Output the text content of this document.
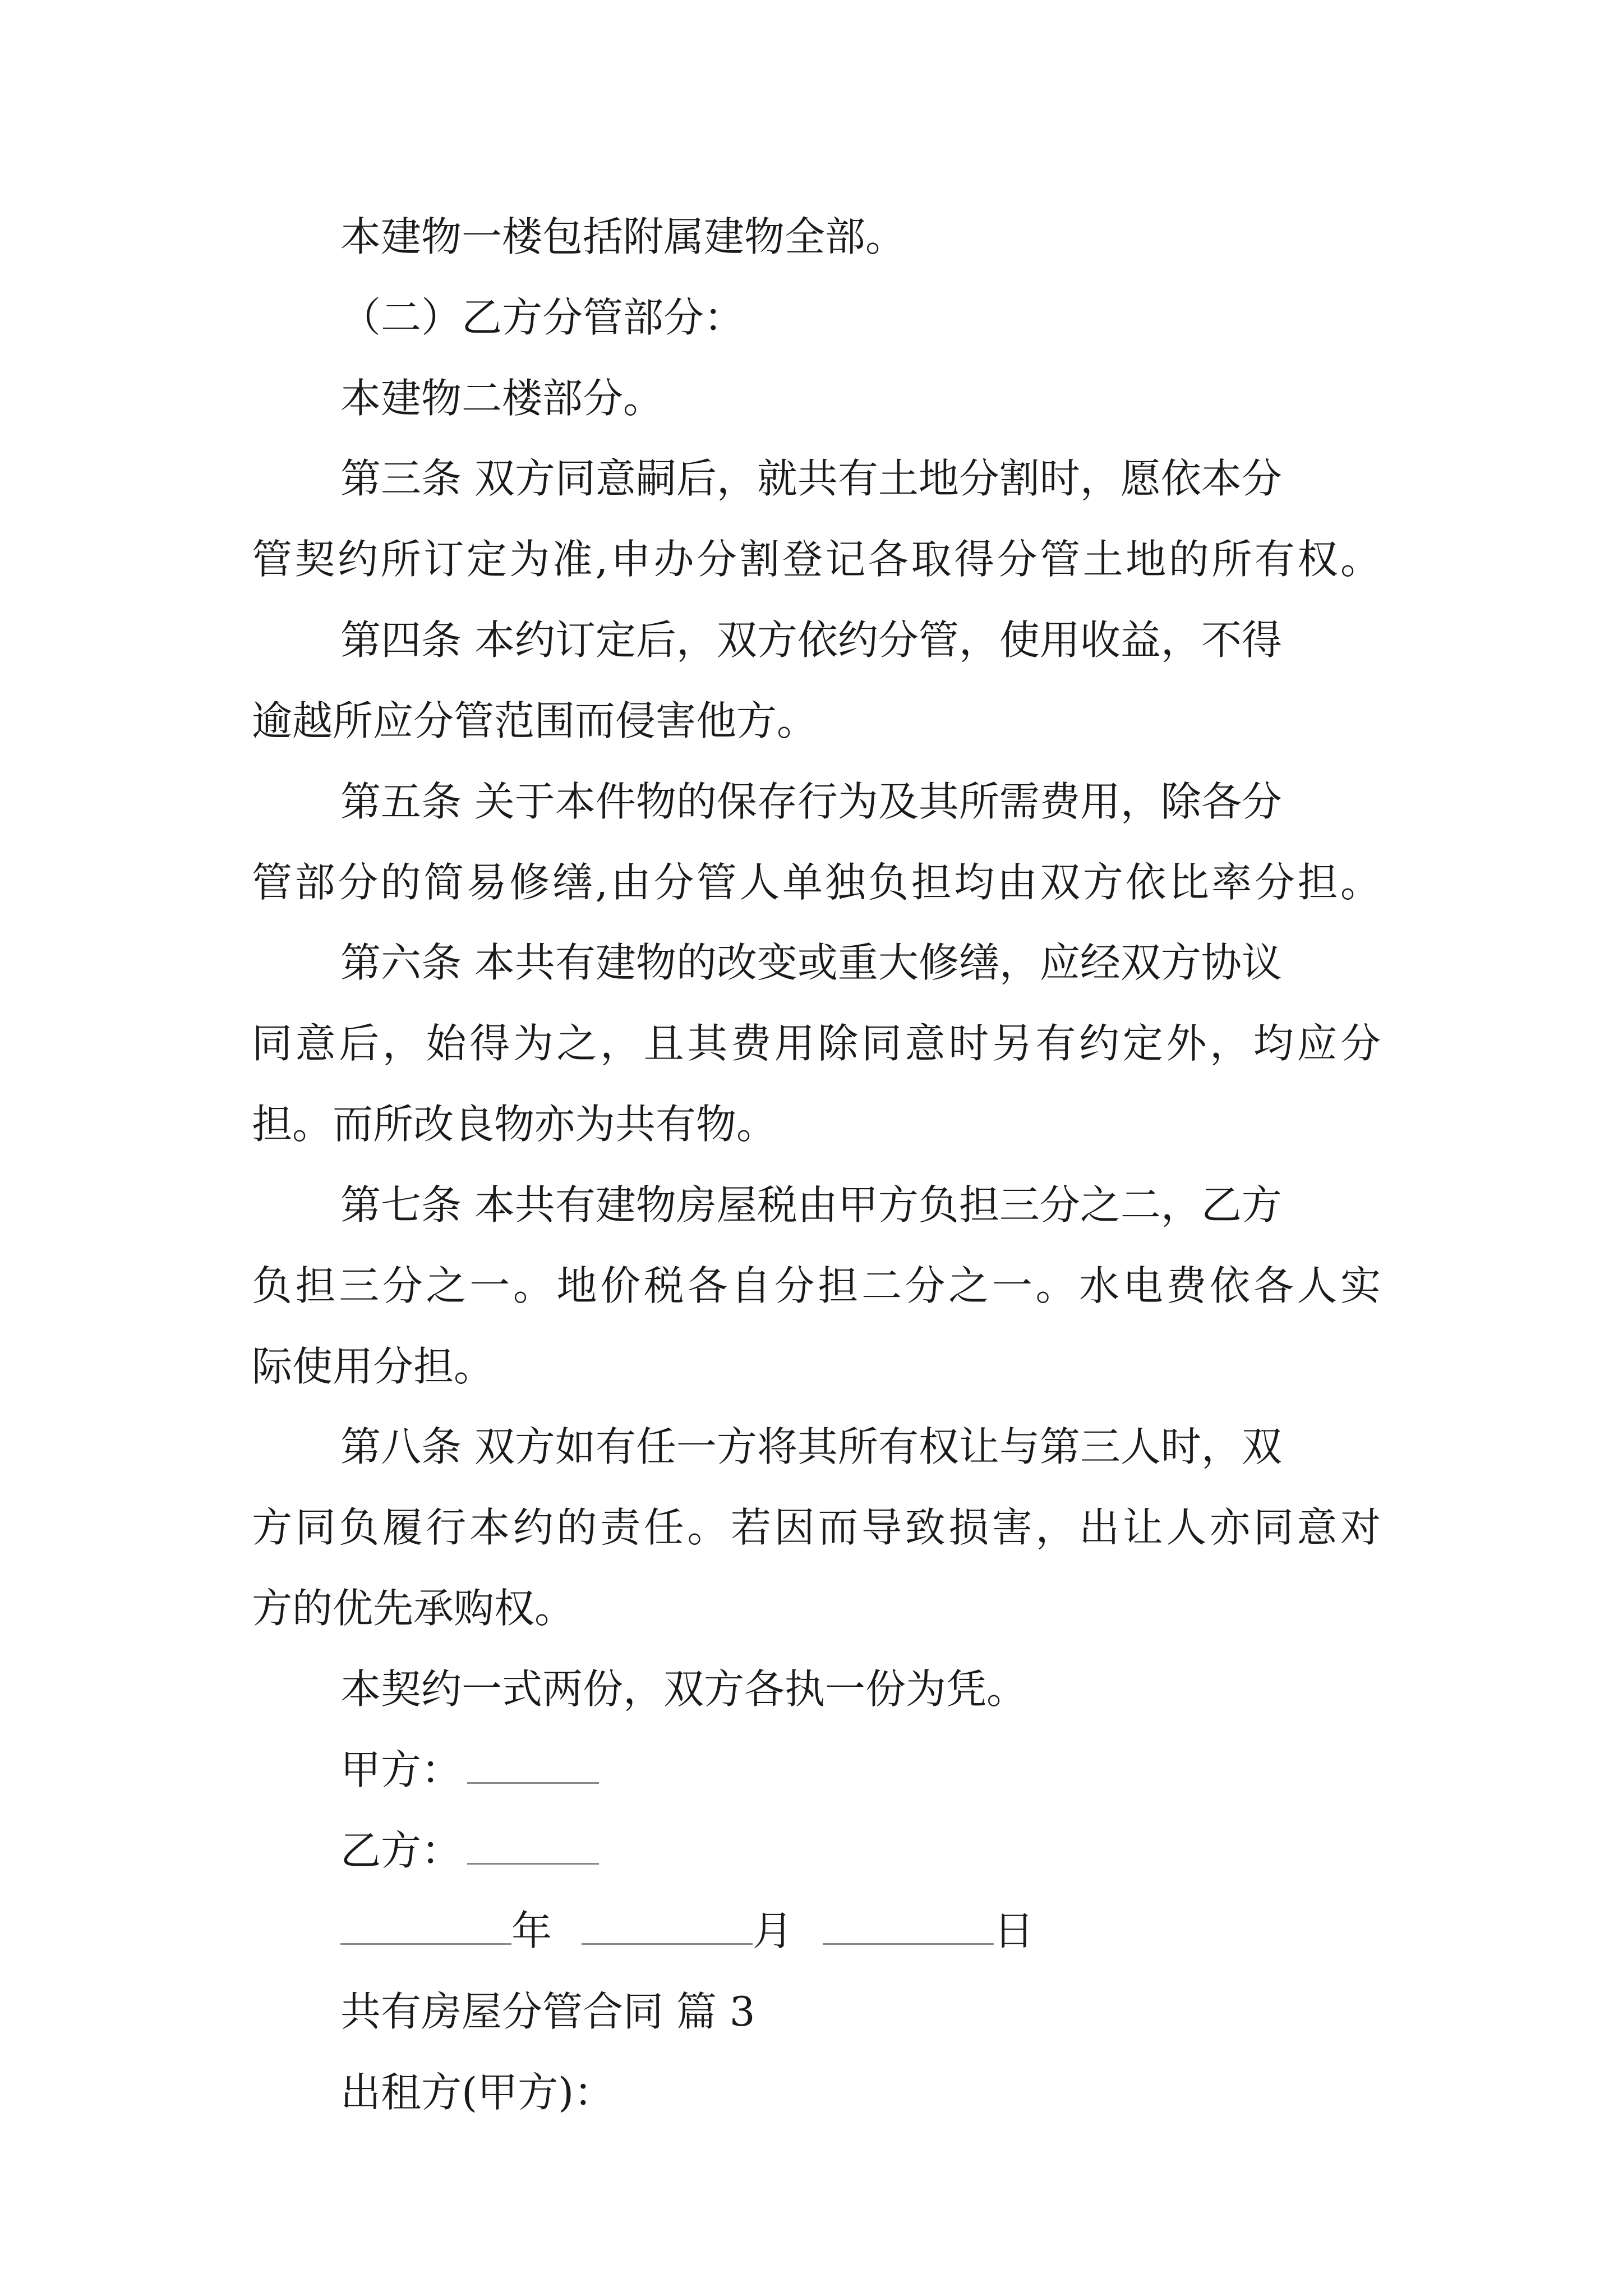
本建物一楼包括附属建物全部。
（二）乙方分管部分：
本建物二楼部分。
第三条 双方同意嗣后，就共有土地分割时，愿依本分
管契约所订定为准,申办分割登记各取得分管土地的所有权。
第四条 本约订定后，双方依约分管，使用收益，不得
逾越所应分管范围而侵害他方。
第五条 关于本件物的保存行为及其所需费用，除各分
管部分的简易修缮,由分管人单独负担均由双方依比率分担。
第六条 本共有建物的改变或重大修缮，应经双方协议
同意后，始得为之，且其费用除同意时另有约定外，均应分
担。而所改良物亦为共有物。
第七条 本共有建物房屋税由甲方负担三分之二，乙方
负担三分之一。地价税各自分担二分之一。水电费依各人实
际使用分担。
第八条 双方如有任一方将其所有权让与第三人时，双
方同负履行本约的责任。若因而导致损害，出让人亦同意对
方的优先承购权。
本契约一式两份，双方各执一份为凭。
甲方：
乙方：
年	月	日
共有房屋分管合同 篇 3
出租方(甲方)：
